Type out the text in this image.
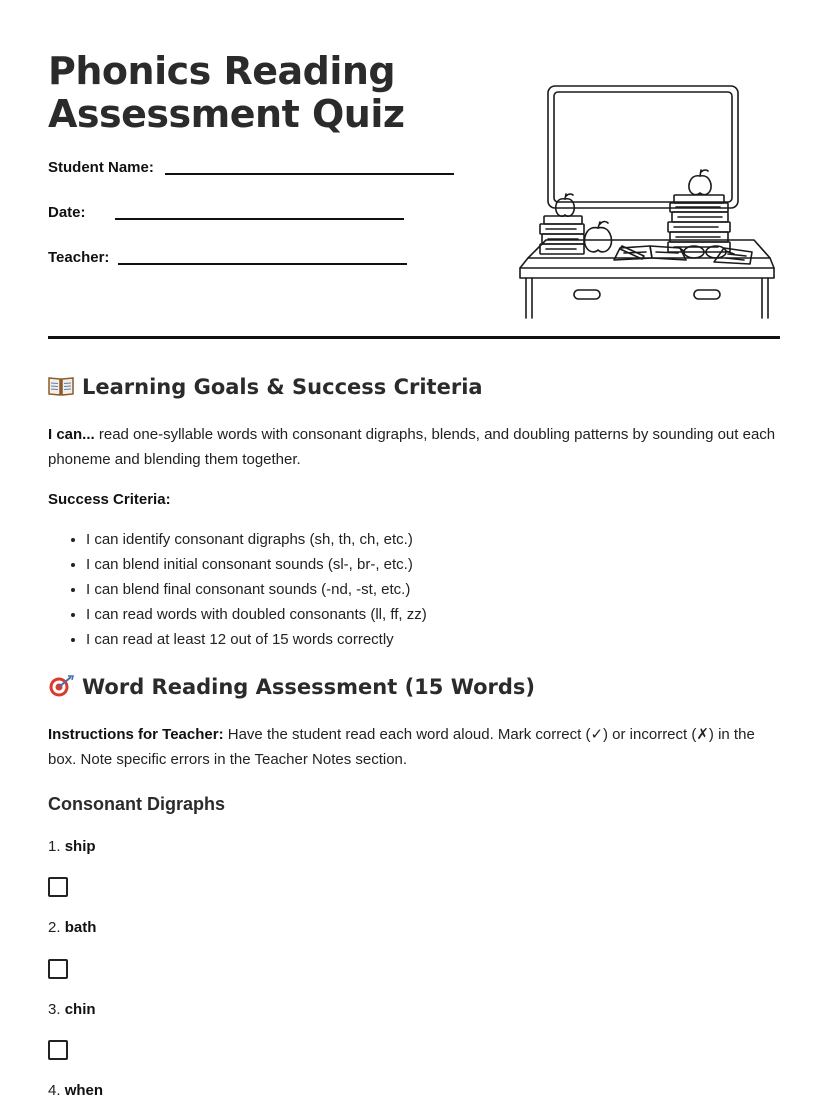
Phonics Reading
Assessment Quiz
Student Name:
Date:
Teacher:
Learning Goals & Success Criteria

I can... read one-syllable words with consonant digraphs, blends, and doubling patterns by sounding out each phoneme and blending them together.

Success Criteria:

• I can identify consonant digraphs (sh, th, ch, etc.)
• I can blend initial consonant sounds (sl-, br-, etc.)
• I can blend final consonant sounds (-nd, -st, etc.)
• I can read words with doubled consonants (ll, ff, zz)
• I can read at least 12 out of 15 words correctly
Word Reading Assessment (15 Words)

Instructions for Teacher: Have the student read each word aloud. Mark correct (✓) or incorrect (✗) in the box. Note specific errors in the Teacher Notes section.

Consonant Digraphs
1. ship
2. bath
3. chin
4. when
